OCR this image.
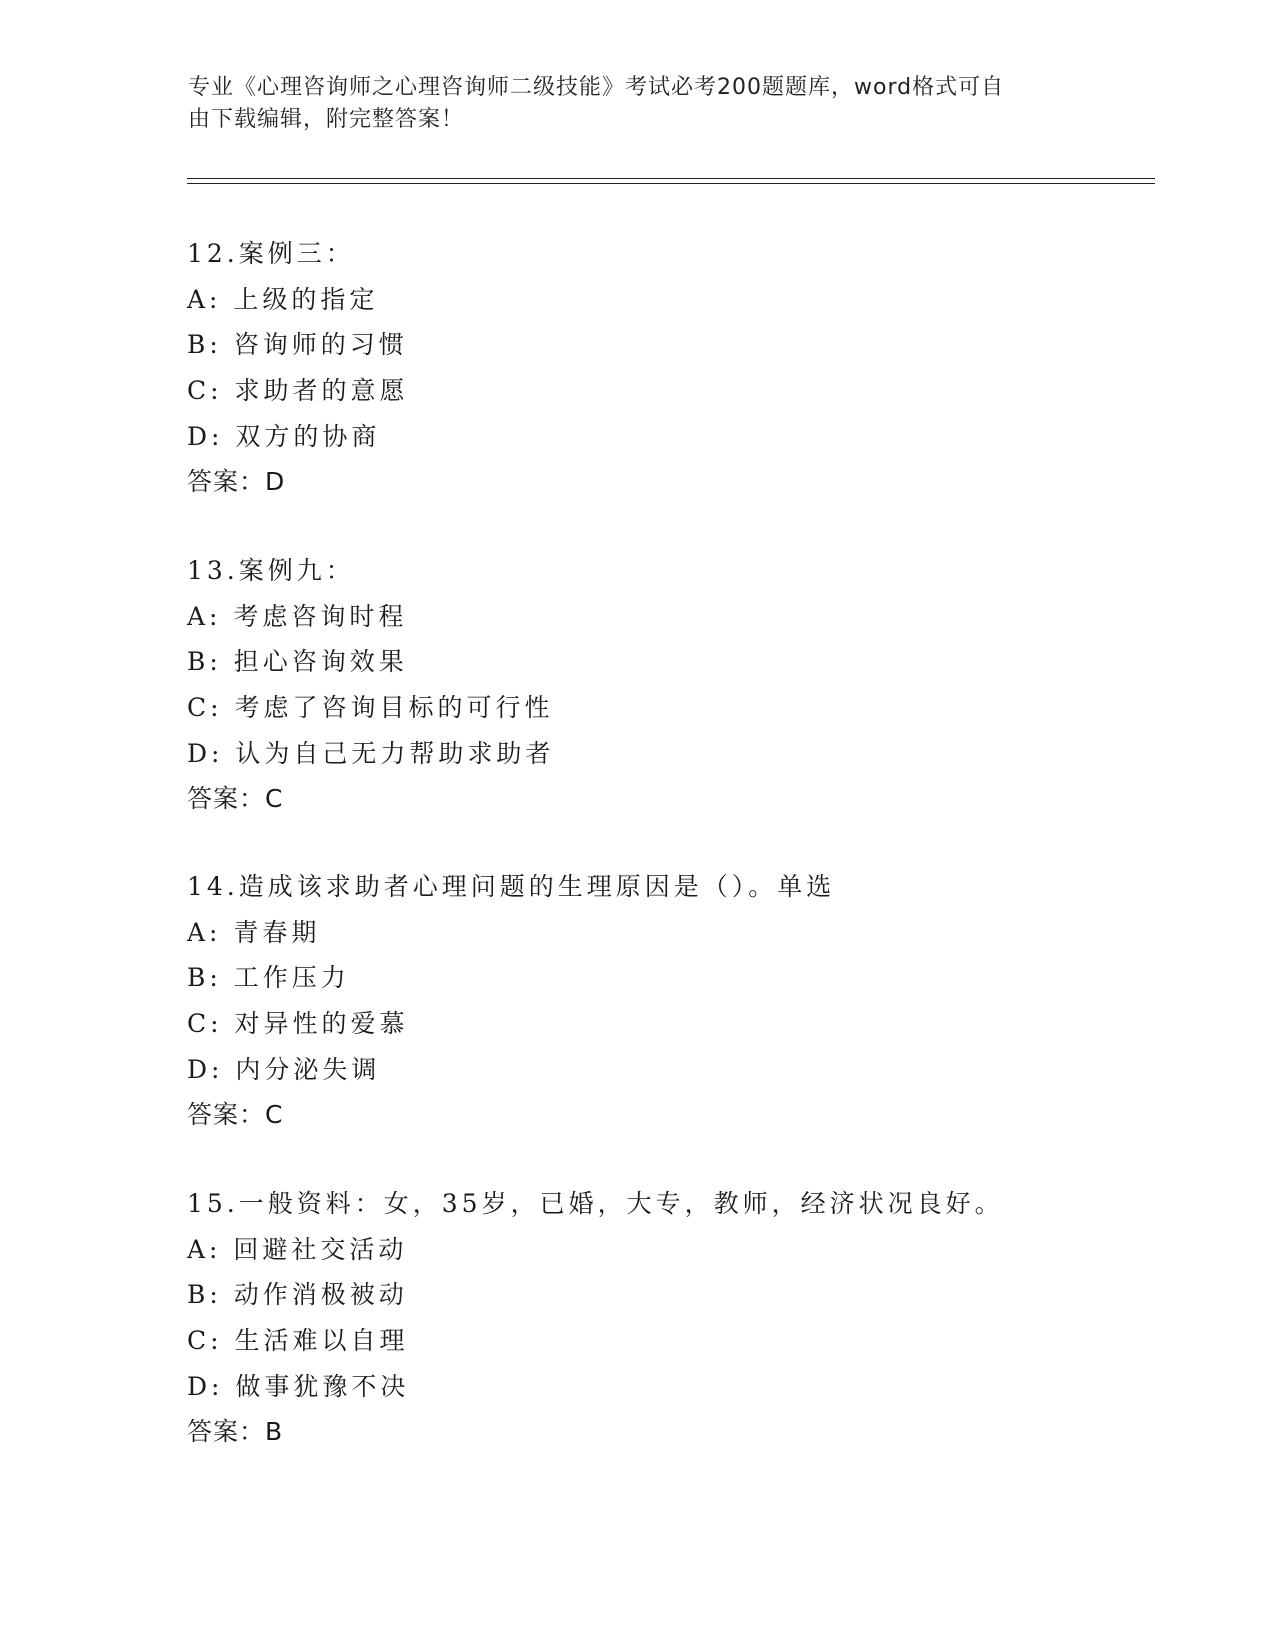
专业《心理咨询师之心理咨询师二级技能》考试必考200题题库，word格式可自
由下载编辑，附完整答案！
12.案例三：
A: 上级的指定
B: 咨询师的习惯
C: 求助者的意愿
D: 双方的协商
答案：D
13.案例九：
A: 考虑咨询时程
B: 担心咨询效果
C: 考虑了咨询目标的可行性
D: 认为自己无力帮助求助者
答案：C
14.造成该求助者心理问题的生理原因是（）。单选
A: 青春期
B: 工作压力
C: 对异性的爱慕
D: 内分泌失调
答案：C
15.一般资料：女，35岁，已婚，大专，教师，经济状况良好。
A: 回避社交活动
B: 动作消极被动
C: 生活难以自理
D: 做事犹豫不决
答案：B
